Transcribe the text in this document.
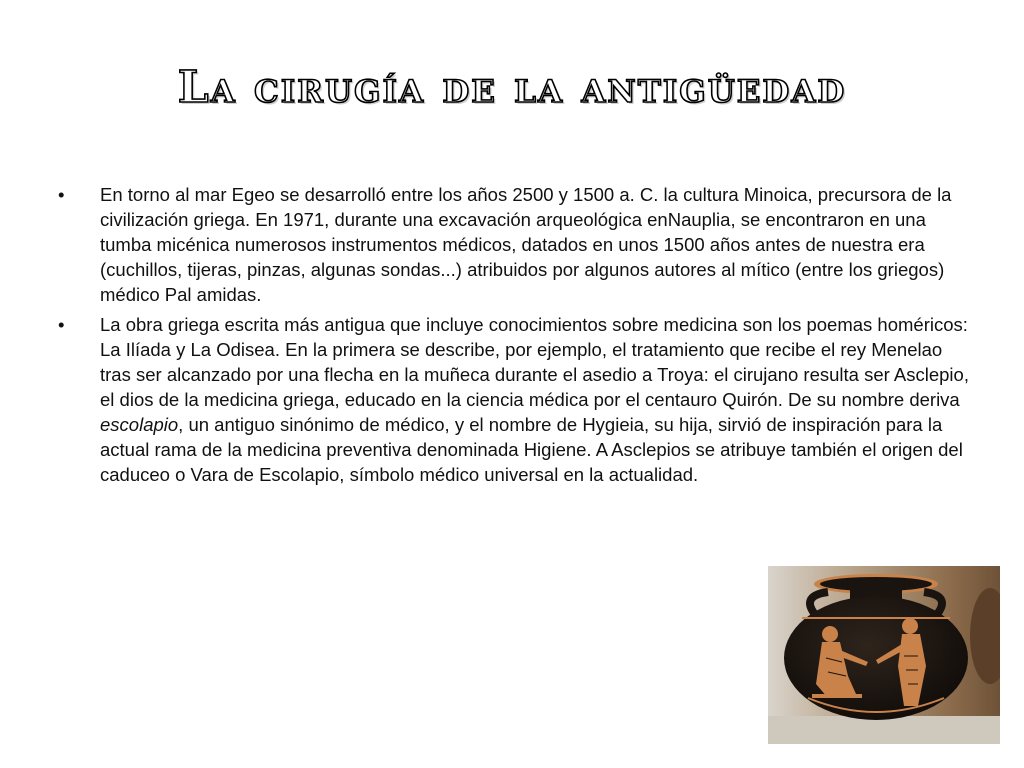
La cirugía de la antigüedad
•	En torno al mar Egeo se desarrolló entre los años 2500 y 1500 a. C. la cultura Minoica, precursora de la civilización griega. En 1971, durante una excavación arqueológica enNauplia, se encontraron en una tumba micénica numerosos instrumentos médicos, datados en unos 1500 años antes de nuestra era (cuchillos, tijeras, pinzas, algunas sondas...) atribuidos por algunos autores al mítico (entre los griegos) médico Pal amidas.
•	La obra griega escrita más antigua que incluye conocimientos sobre medicina son los poemas homéricos: La Ilíada y La Odisea. En la primera se describe, por ejemplo, el tratamiento que recibe el rey Menelao tras ser alcanzado por una flecha en la muñeca durante el asedio a Troya: el cirujano resulta ser Asclepio, el dios de la medicina griega, educado en la ciencia médica por el centauro Quirón. De su nombre deriva escolapio, un antiguo sinónimo de médico, y el nombre de Hygieia, su hija, sirvió de inspiración para la actual rama de la medicina preventiva denominada Higiene. A Asclepios se atribuye también el origen del caduceo o Vara de Escolapio, símbolo médico universal en la actualidad.
